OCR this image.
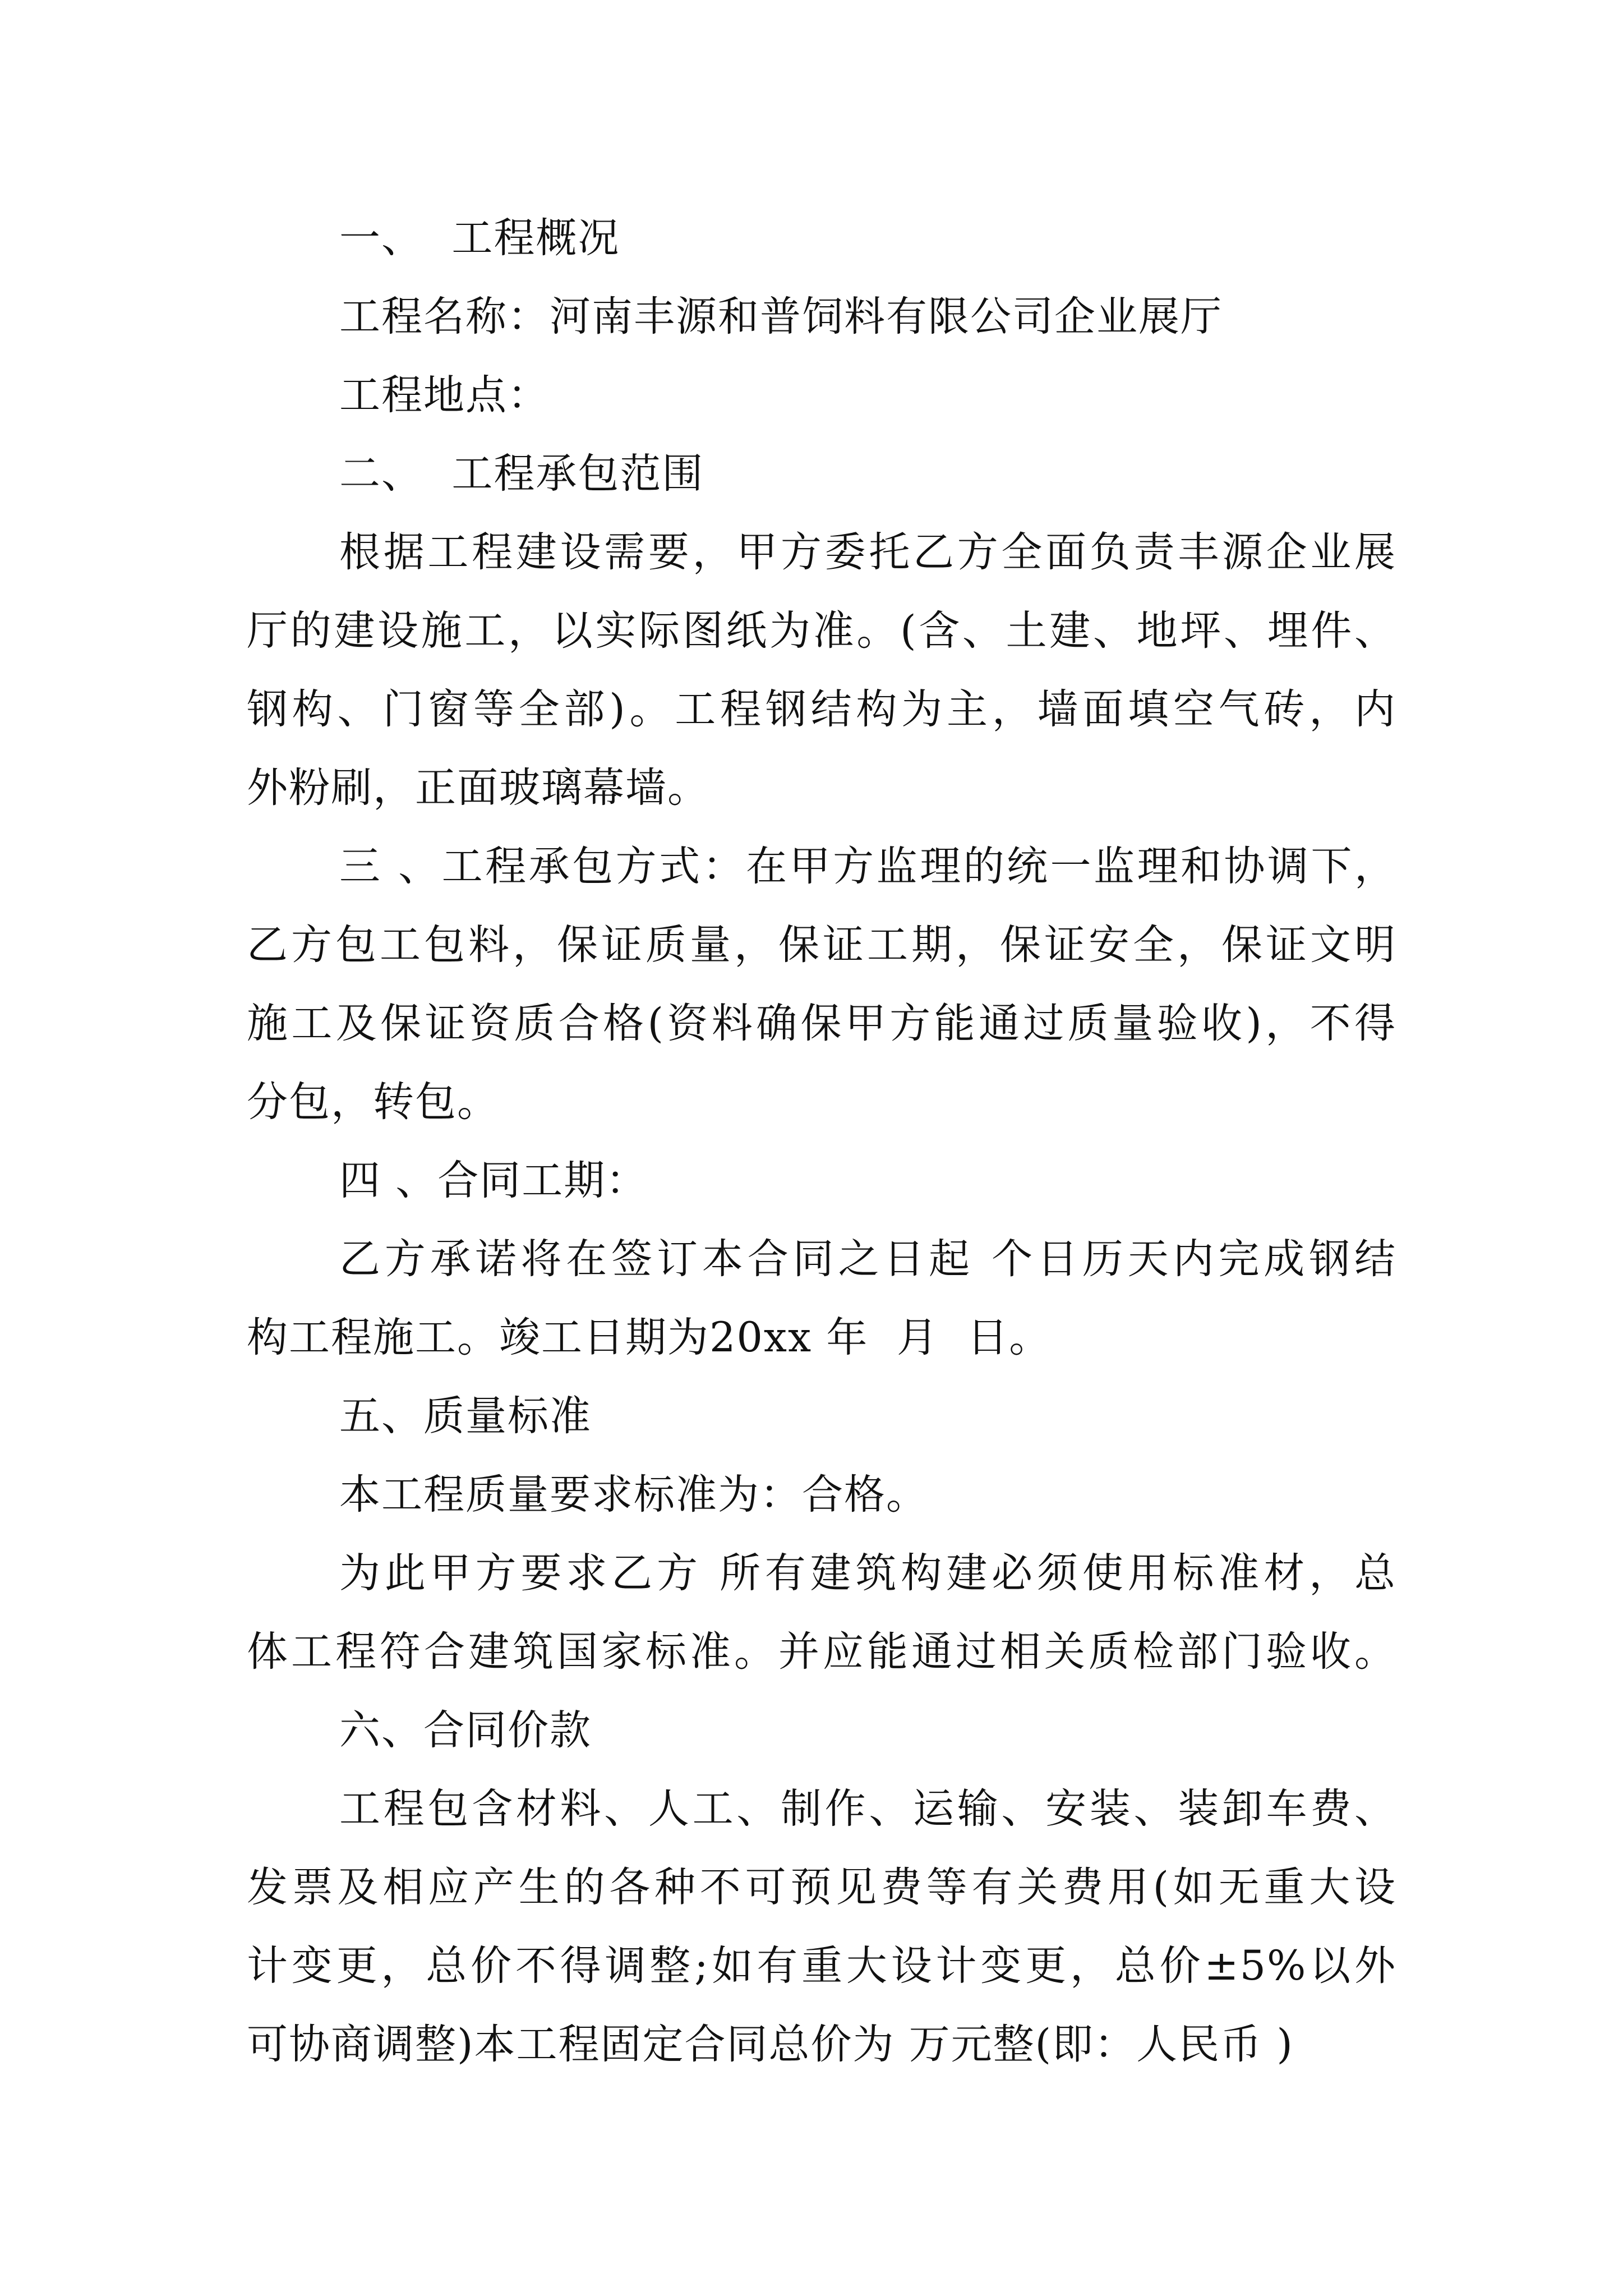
一、  工程概况
工程名称：河南丰源和普饲料有限公司企业展厅
工程地点：
二、  工程承包范围
根据工程建设需要，甲方委托乙方全面负责丰源企业展
厅的建设施工，以实际图纸为准。(含、土建、地坪、埋件、
钢构、门窗等全部)。工程钢结构为主，墙面填空气砖，内
外粉刷，正面玻璃幕墙。
三 、工程承包方式：在甲方监理的统一监理和协调下，
乙方包工包料，保证质量，保证工期，保证安全，保证文明
施工及保证资质合格(资料确保甲方能通过质量验收)，不得
分包，转包。
四 、合同工期：
乙方承诺将在签订本合同之日起 个日历天内完成钢结
构工程施工。竣工日期为20xx 年  月  日。
五、质量标准
本工程质量要求标准为：合格。
为此甲方要求乙方 所有建筑构建必须使用标准材，总
体工程符合建筑国家标准。并应能通过相关质检部门验收。
六、合同价款
工程包含材料、人工、制作、运输、安装、装卸车费、
发票及相应产生的各种不可预见费等有关费用(如无重大设
计变更，总价不得调整;如有重大设计变更，总价±5%以外
可协商调整)本工程固定合同总价为 万元整(即：人民币 )
